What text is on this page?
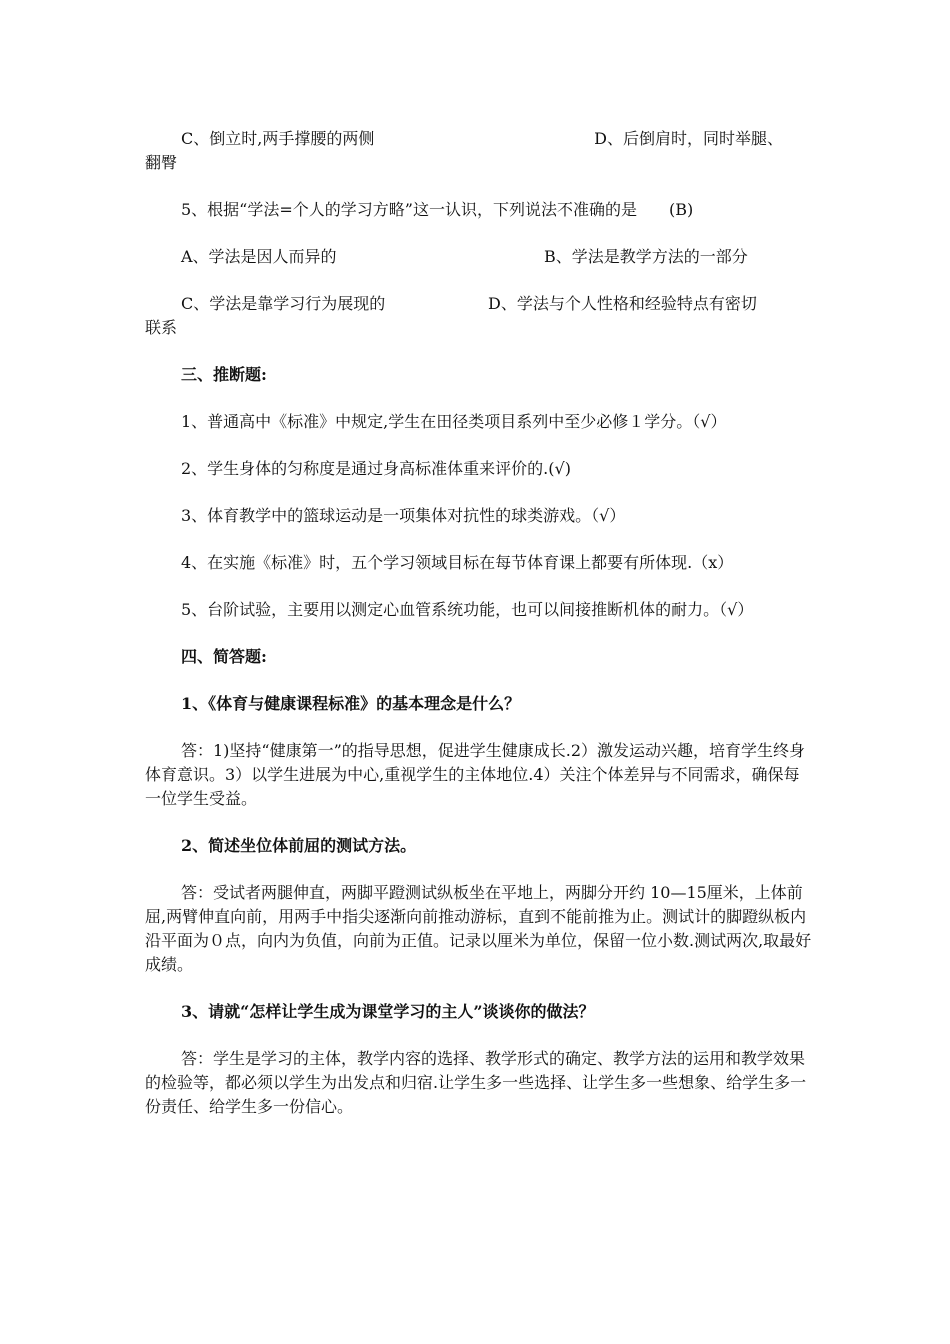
C、倒立时,两手撑腰的两侧	D、后倒肩时，同时举腿、

翻臀

5、根据“学法=个人的学习方略”这一认识，下列说法不准确的是　　(B)

A、学法是因人而异的	B、学法是教学方法的一部分

C、学法是靠学习行为展现的	D、学法与个人性格和经验特点有密切

联系

三、推断题:

1、普通高中《标准》中规定,学生在田径类项目系列中至少必修１学分。（√）

2、学生身体的匀称度是通过身高标准体重来评价的.(√)

3、体育教学中的篮球运动是一项集体对抗性的球类游戏。（√）

4、在实施《标准》时，五个学习领域目标在每节体育课上都要有所体现.（x）

5、台阶试验，主要用以测定心血管系统功能，也可以间接推断机体的耐力。（√）

四、简答题:

1、《体育与健康课程标准》的基本理念是什么？

答：1)坚持“健康第一”的指导思想，促进学生健康成长.2）激发运动兴趣，培育学生终身体育意识。3）以学生进展为中心,重视学生的主体地位.4）关注个体差异与不同需求，确保每一位学生受益。

2、简述坐位体前屈的测试方法。

答：受试者两腿伸直，两脚平蹬测试纵板坐在平地上，两脚分开约 10—15厘米，上体前屈,两臂伸直向前，用两手中指尖逐渐向前推动游标，直到不能前推为止。测试计的脚蹬纵板内沿平面为０点，向内为负值，向前为正值。记录以厘米为单位，保留一位小数.测试两次,取最好成绩。

3、请就“怎样让学生成为课堂学习的主人”谈谈你的做法？

答：学生是学习的主体，教学内容的选择、教学形式的确定、教学方法的运用和教学效果的检验等，都必须以学生为出发点和归宿.让学生多一些选择、让学生多一些想象、给学生多一份责任、给学生多一份信心。
